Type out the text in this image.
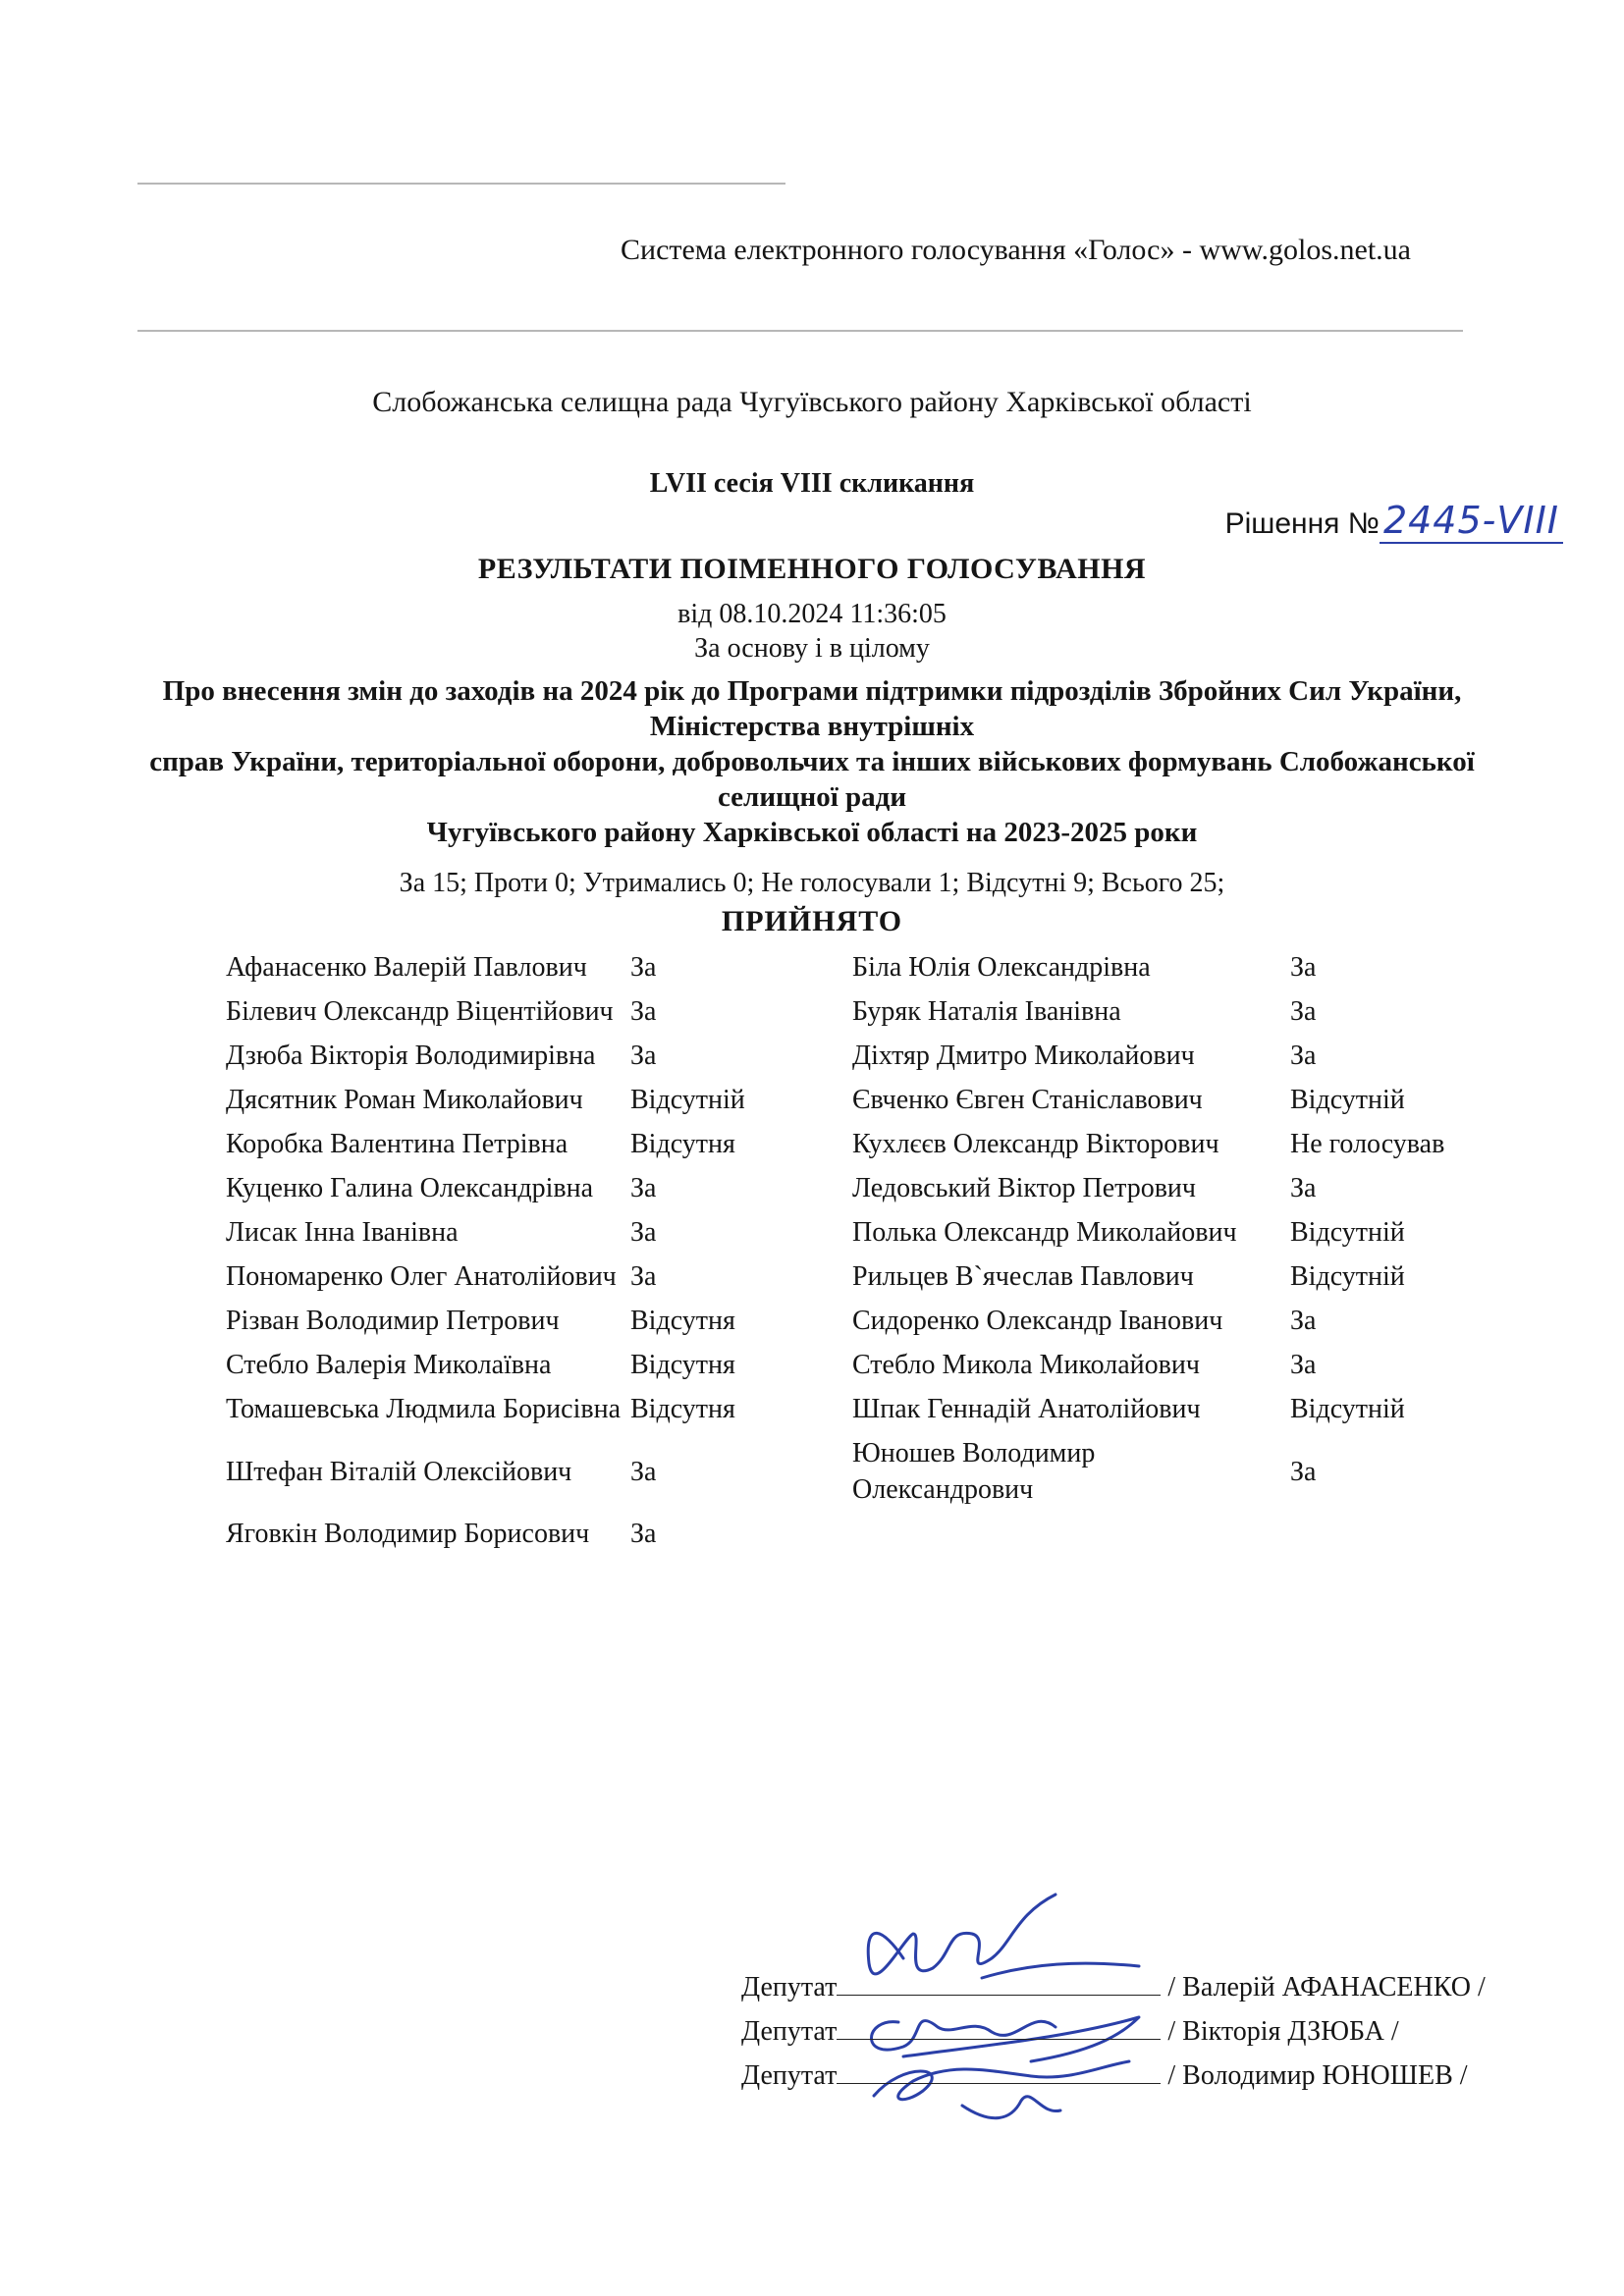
Система електронного голосування «Голос» - www.golos.net.ua
Слобожанська селищна рада Чугуївського району Харківської області
LVII сесія VIII скликання
Рішення № 2445-VIII
РЕЗУЛЬТАТИ ПОІМЕННОГО ГОЛОСУВАННЯ
від 08.10.2024 11:36:05
За основу і в цілому
Про внесення змін до заходів на 2024 рік до Програми підтримки підрозділів Збройних Сил України,
Міністерства внутрішніх
справ України, територіальної оборони, добровольчих та інших військових формувань Слобожанської
селищної ради
Чугуївського району Харківської області на 2023-2025 роки
За 15; Проти 0; Утримались 0; Не голосували 1; Відсутні 9; Всього 25;
ПРИЙНЯТО
Афанасенко Валерій Павлович	За	Біла Юлія Олександрівна	За
Білевич Олександр Віцентійович	За	Буряк Наталія Іванівна	За
Дзюба Вікторія Володимирівна	За	Діхтяр Дмитро Миколайович	За
Дясятник Роман Миколайович	Відсутній	Євченко Євген Станіславович	Відсутній
Коробка Валентина Петрівна	Відсутня	Кухлєєв Олександр Вікторович	Не голосував
Куценко Галина Олександрівна	За	Ледовський Віктор Петрович	За
Лисак Інна Іванівна	За	Полька Олександр Миколайович	Відсутній
Пономаренко Олег Анатолійович	За	Рильцев В`ячеслав Павлович	Відсутній
Різван Володимир Петрович	Відсутня	Сидоренко Олександр Іванович	За
Стебло Валерія Миколаївна	Відсутня	Стебло Микола Миколайович	За
Томашевська Людмила Борисівна	Відсутня	Шпак Геннадій Анатолійович	Відсутній
Штефан Віталій Олексійович	За	Юношев Володимир Олександрович	За
Яговкін Володимир Борисович	За		
Депутат	/ Валерій АФАНАСЕНКО /
Депутат	/ Вікторія ДЗЮБА /
Депутат	/ Володимир ЮНОШЕВ /
